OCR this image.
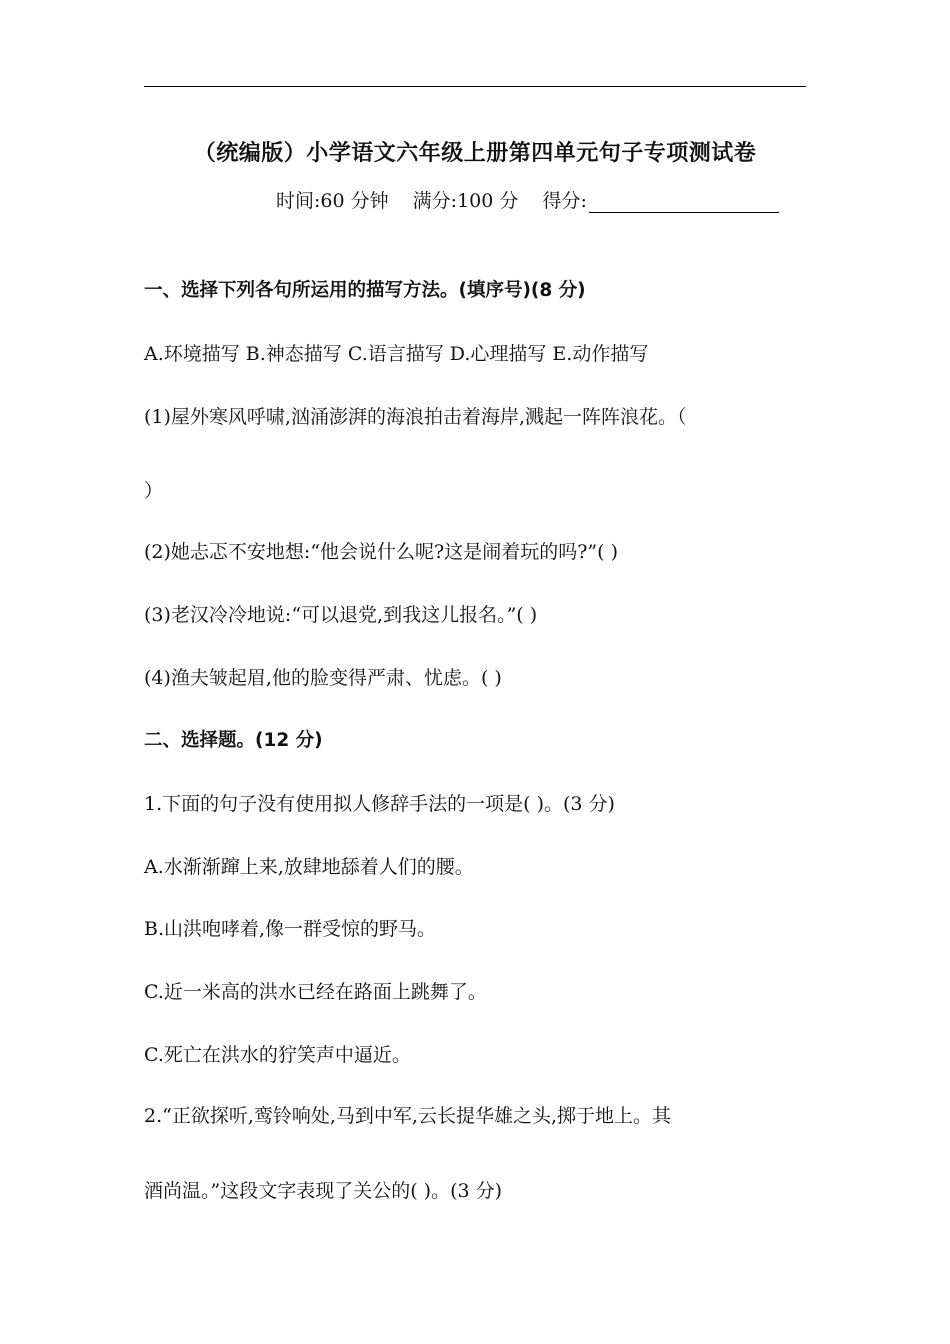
（统编版）小学语文六年级上册第四单元句子专项测试卷
时间:60 分钟 满分:100 分 得分:
一、选择下列各句所运用的描写方法。(填序号)(8 分)
A.环境描写 B.神态描写 C.语言描写 D.心理描写 E.动作描写
(1)屋外寒风呼啸,汹涌澎湃的海浪拍击着海岸,溅起一阵阵浪花。（
）
(2)她忐忑不安地想:“他会说什么呢?这是闹着玩的吗?”( )
(3)老汉冷冷地说:“可以退党,到我这儿报名。”( )
(4)渔夫皱起眉,他的脸变得严肃、忧虑。( )
二、选择题。(12 分)
1.下面的句子没有使用拟人修辞手法的一项是( )。(3 分)
A.水渐渐蹿上来,放肆地舔着人们的腰。
B.山洪咆哮着,像一群受惊的野马。
C.近一米高的洪水已经在路面上跳舞了。
C.死亡在洪水的狞笑声中逼近。
2.“正欲探听,鸾铃响处,马到中军,云长提华雄之头,掷于地上。其
酒尚温。”这段文字表现了关公的( )。(3 分)
